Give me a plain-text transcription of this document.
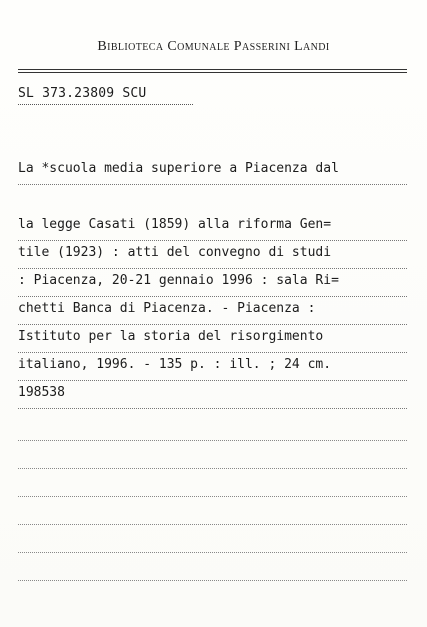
Biblioteca Comunale Passerini Landi
SL 373.23809 SCU
La *scuola media superiore a Piacenza dal
la legge Casati (1859) alla riforma Gen=
tile (1923) : atti del convegno di studi
: Piacenza, 20-21 gennaio 1996 : sala Ri=
chetti Banca di Piacenza. - Piacenza :
Istituto per la storia del risorgimento
italiano, 1996. - 135 p. : ill. ; 24 cm.
198538
